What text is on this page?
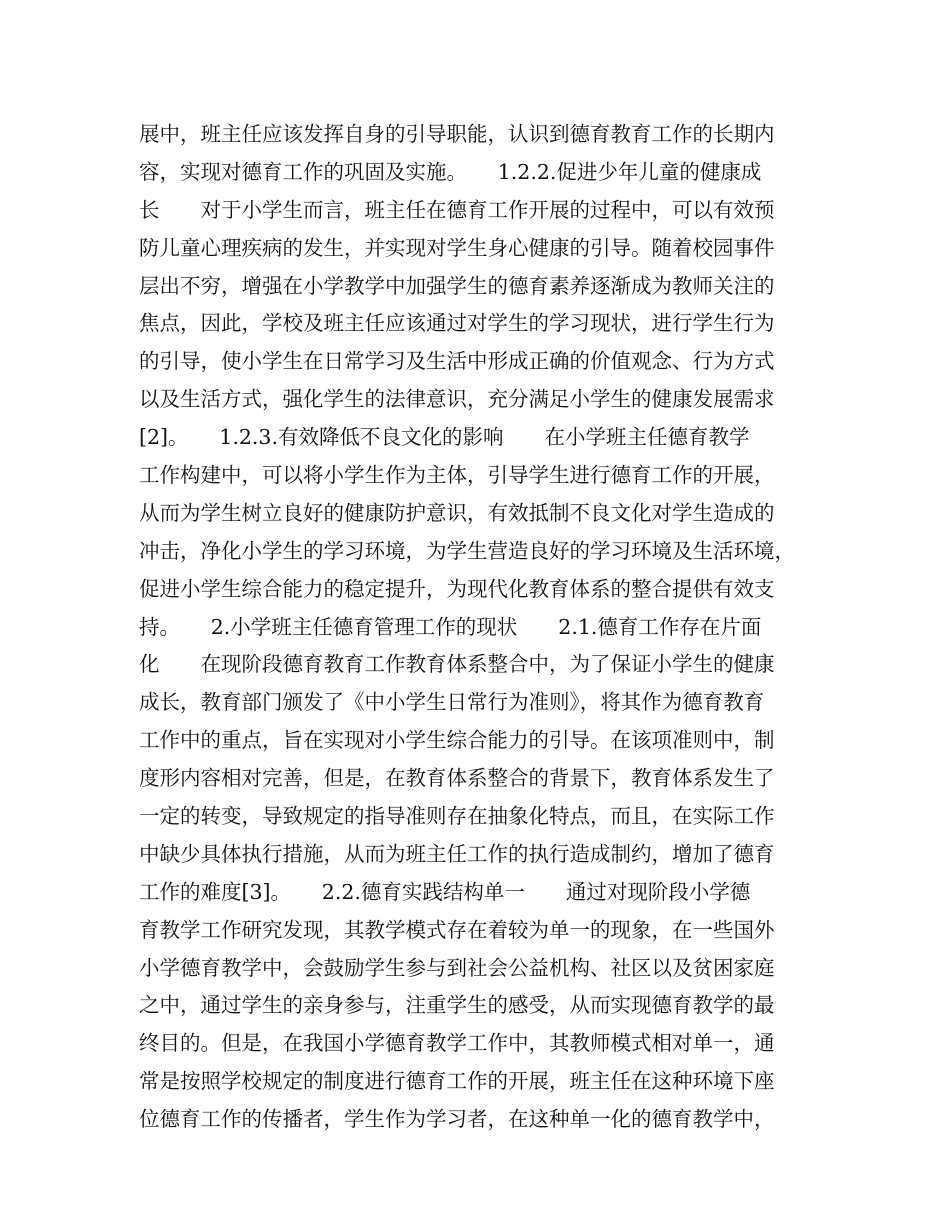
展中，班主任应该发挥自身的引导职能，认识到德育教育工作的长期内
容，实现对德育工作的巩固及实施。　　1.2.2.促进少年儿童的健康成
长　　对于小学生而言，班主任在德育工作开展的过程中，可以有效预
防儿童心理疾病的发生，并实现对学生身心健康的引导。随着校园事件
层出不穷，增强在小学教学中加强学生的德育素养逐渐成为教师关注的
焦点，因此，学校及班主任应该通过对学生的学习现状，进行学生行为
的引导，使小学生在日常学习及生活中形成正确的价值观念、行为方式
以及生活方式，强化学生的法律意识，充分满足小学生的健康发展需求
[2]。　　1.2.3.有效降低不良文化的影响　　在小学班主任德育教学
工作构建中，可以将小学生作为主体，引导学生进行德育工作的开展，
从而为学生树立良好的健康防护意识，有效抵制不良文化对学生造成的
冲击，净化小学生的学习环境，为学生营造良好的学习环境及生活环境，
促进小学生综合能力的稳定提升，为现代化教育体系的整合提供有效支
持。　　2.小学班主任德育管理工作的现状　　2.1.德育工作存在片面
化　　在现阶段德育教育工作教育体系整合中，为了保证小学生的健康
成长，教育部门颁发了《中小学生日常行为准则》，将其作为德育教育
工作中的重点，旨在实现对小学生综合能力的引导。在该项准则中，制
度形内容相对完善，但是，在教育体系整合的背景下，教育体系发生了
一定的转变，导致规定的指导准则存在抽象化特点，而且，在实际工作
中缺少具体执行措施，从而为班主任工作的执行造成制约，增加了德育
工作的难度[3]。　　2.2.德育实践结构单一　　通过对现阶段小学德
育教学工作研究发现，其教学模式存在着较为单一的现象，在一些国外
小学德育教学中，会鼓励学生参与到社会公益机构、社区以及贫困家庭
之中，通过学生的亲身参与，注重学生的感受，从而实现德育教学的最
终目的。但是，在我国小学德育教学工作中，其教师模式相对单一，通
常是按照学校规定的制度进行德育工作的开展，班主任在这种环境下座
位德育工作的传播者，学生作为学习者，在这种单一化的德育教学中，
